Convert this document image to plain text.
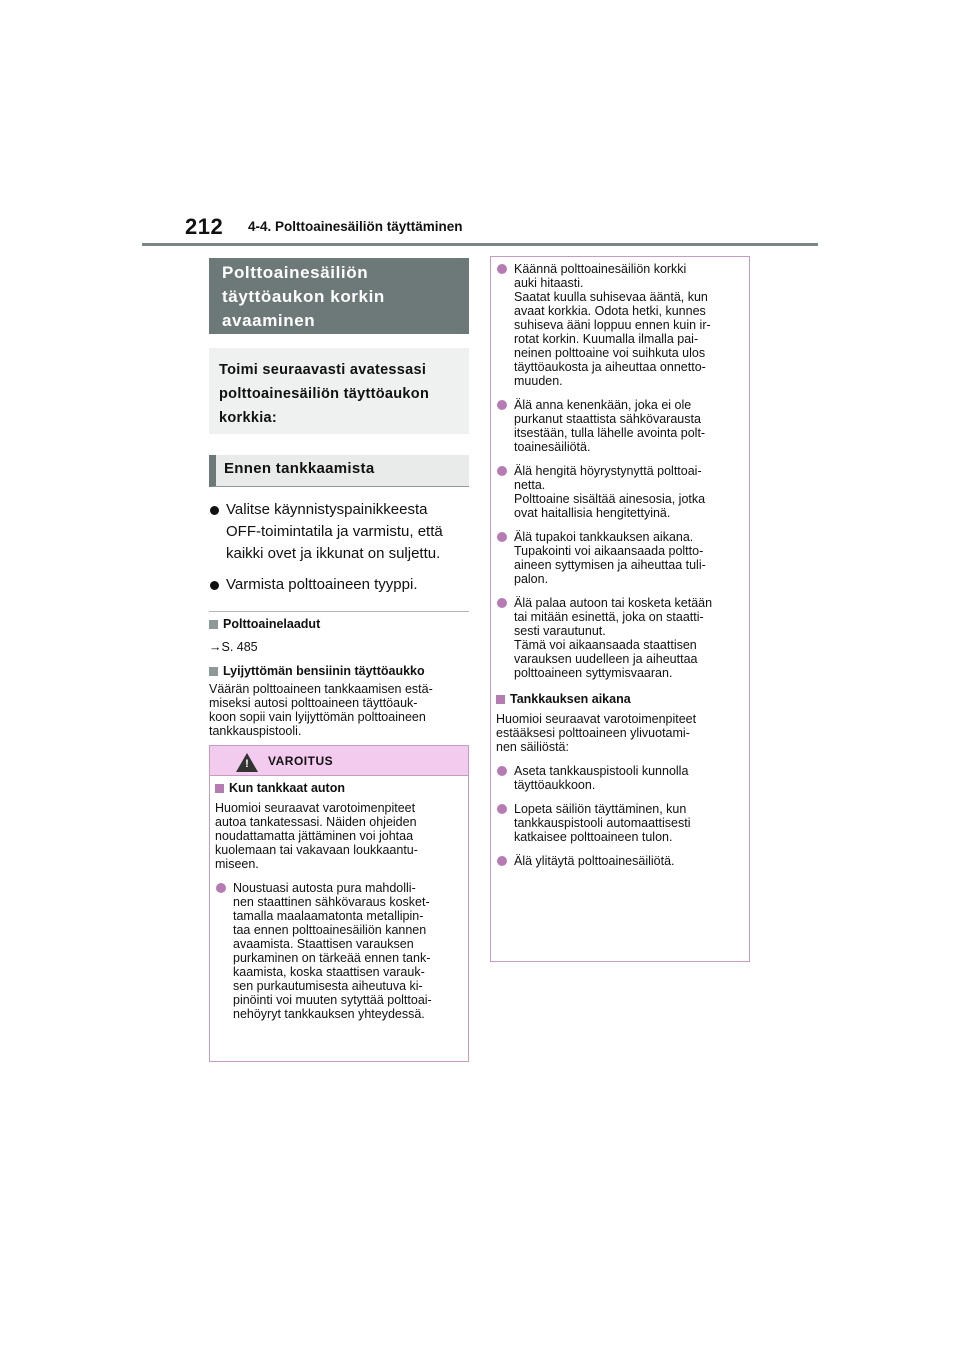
212 4-4. Polttoainesäiliön täyttäminen
Polttoainesäiliön
täyttöaukon korkin
avaaminen
Toimi seuraavasti avatessasi
polttoainesäiliön täyttöaukon
korkkia:
Ennen tankkaamista
Valitse käynnistyspainikkeesta
OFF-toimintatila ja varmistu, että
kaikki ovet ja ikkunat on suljettu.
Varmista polttoaineen tyyppi.
Polttoainelaadut
→S. 485
Lyijyttömän bensiinin täyttöaukko
Väärän polttoaineen tankkaamisen estä-
miseksi autosi polttoaineen täyttöauk-
koon sopii vain lyijyttömän polttoaineen
tankkauspistooli.
! VAROITUS
Kun tankkaat auton
Huomioi seuraavat varotoimenpiteet
autoa tankatessasi. Näiden ohjeiden
noudattamatta jättäminen voi johtaa
kuolemaan tai vakavaan loukkaantu-
miseen.
Noustuasi autosta pura mahdolli-
nen staattinen sähkövaraus kosket-
tamalla maalaamatonta metallipin-
taa ennen polttoainesäiliön kannen
avaamista. Staattisen varauksen
purkaminen on tärkeää ennen tank-
kaamista, koska staattisen varauk-
sen purkautumisesta aiheutuva ki-
pinöinti voi muuten sytyttää polttoai-
nehöyryt tankkauksen yhteydessä.
Käännä polttoainesäiliön korkki
auki hitaasti.
Saatat kuulla suhisevaa ääntä, kun
avaat korkkia. Odota hetki, kunnes
suhiseva ääni loppuu ennen kuin ir-
rotat korkin. Kuumalla ilmalla pai-
neinen polttoaine voi suihkuta ulos
täyttöaukosta ja aiheuttaa onnetto-
muuden.
Älä anna kenenkään, joka ei ole
purkanut staattista sähkövarausta
itsestään, tulla lähelle avointa polt-
toainesäiliötä.
Älä hengitä höyrystynyttä polttoai-
netta.
Polttoaine sisältää ainesosia, jotka
ovat haitallisia hengitettyinä.
Älä tupakoi tankkauksen aikana.
Tupakointi voi aikaansaada poltto-
aineen syttymisen ja aiheuttaa tuli-
palon.
Älä palaa autoon tai kosketa ketään
tai mitään esinettä, joka on staatti-
sesti varautunut.
Tämä voi aikaansaada staattisen
varauksen uudelleen ja aiheuttaa
polttoaineen syttymisvaaran.
Tankkauksen aikana
Huomioi seuraavat varotoimenpiteet
estääksesi polttoaineen ylivuotami-
nen säiliöstä:
Aseta tankkauspistooli kunnolla
täyttöaukkoon.
Lopeta säiliön täyttäminen, kun
tankkauspistooli automaattisesti
katkaisee polttoaineen tulon.
Älä ylitäytä polttoainesäiliötä.
